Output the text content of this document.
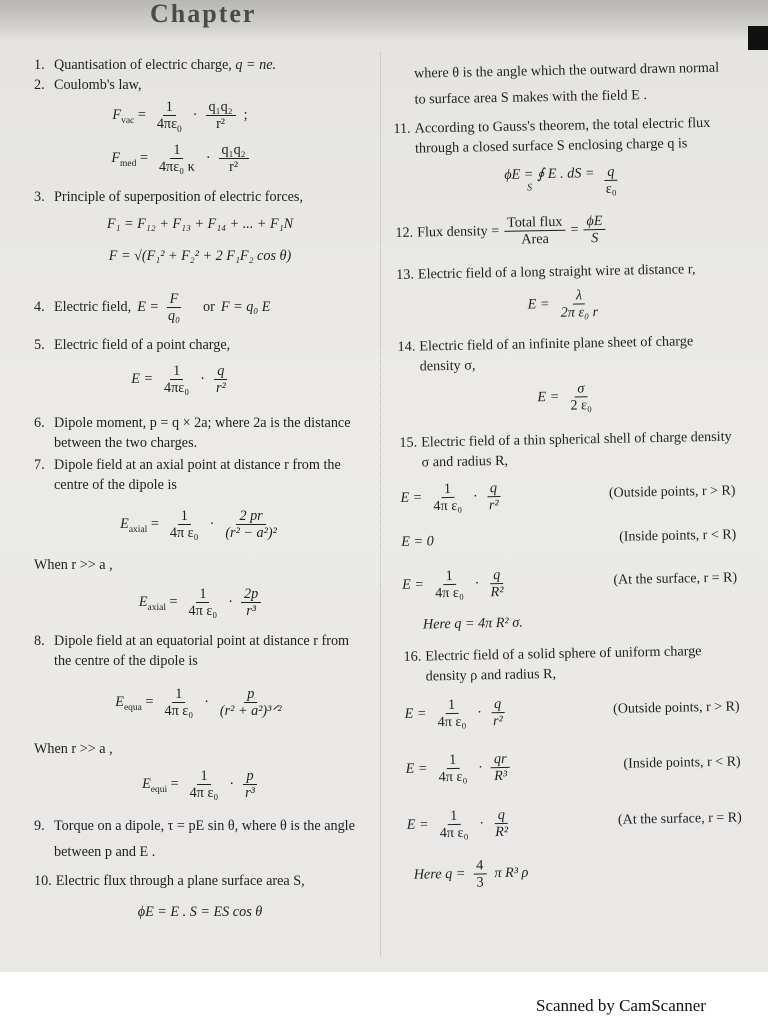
Chapter
1. Quantisation of electric charge, q = ne.
2. Coulomb's law,
$F_{vac} = \frac{1}{4\pi\varepsilon_0} \cdot \frac{\text{q₁q₂}}{\text{r²}}$ ;
$F_{med} = \frac{1}{\text{4πε₀ κ}} \cdot \frac{\text{q₁q₂}}{\text{r²}}$
3. Principle of superposition of electric forces,
F₁ = F₁₂ + F₁₃ + F₁₄ + ... + F₁N
F = √(F₁² + F₂² + 2 F₁F₂ cos θ)
4. Electric field, $E = \frac{F}{\text{q₀}}$ or F = q₀ E
5. Electric field of a point charge,
$E = \frac{1}{\text{4πε₀}} \cdot \frac{q}{\text{r²}}$
6. Dipole moment, p = q × 2a; where 2a is the distance between the two charges.
7. Dipole field at an axial point at distance r from the centre of the dipole is
$E_{axial} = \frac{1}{\text{4π ε₀}} \cdot \frac{2 pr}{\text{(r² − a²)²}}$
When r >> a ,
$E_{axial} = \frac{1}{\text{4π ε₀}} \cdot \frac{2p}{\text{r³}}$
8. Dipole field at an equatorial point at distance r from the centre of the dipole is
$E_{equa} = \frac{1}{\text{4π ε₀}} \cdot \frac{p}{\text{(r² + a²)³ᐟ²}}$
When r >> a ,
$E_{equi} = \frac{1}{\text{4π ε₀}} \cdot \frac{p}{\text{r³}}$
9. Torque on a dipole, τ = pE sin θ, where θ is the angle between p and E .
10. Electric flux through a plane surface area S,
ϕE = E . S = ES cos θ
where θ is the angle which the outward drawn normal to surface area S makes with the field E .
11. According to Gauss's theorem, the total electric flux through a closed surface S enclosing charge q is
ϕE = ∮ E . dS =
S	$\frac{q}{\text{ε₀}}$
12. Flux density = $\frac{\text{Total flux}}{\text{Area}} = \frac{\phi E}{S}$
13. Electric field of a long straight wire at distance r,
$E = \frac{\lambda}{\text{2π ε₀ r}}$
14. Electric field of an infinite plane sheet of charge density σ,
$E = \frac{\sigma}{\text{2 ε₀}}$
15. Electric field of a thin spherical shell of charge density σ and radius R,
$E = \frac{1}{\text{4π ε₀}} \cdot \frac{q}{\text{r²}}$	(Outside points, r > R)
E = 0	(Inside points, r < R)
$E = \frac{1}{\text{4π ε₀}} \cdot \frac{q}{\text{R²}}$	(At the surface, r = R)
Here q = 4π R² σ.
16. Electric field of a solid sphere of uniform charge density ρ and radius R,
$E = \frac{1}{\text{4π ε₀}} \cdot \frac{q}{\text{r²}}$	(Outside points, r > R)
$E = \frac{1}{\text{4π ε₀}} \cdot \frac{qr}{\text{R³}}$	(Inside points, r < R)
$E = \frac{1}{\text{4π ε₀}} \cdot \frac{q}{\text{R²}}$	(At the surface, r = R)
Here $q = \frac{4}{3}$ π R³ ρ
Scanned by CamScanner
